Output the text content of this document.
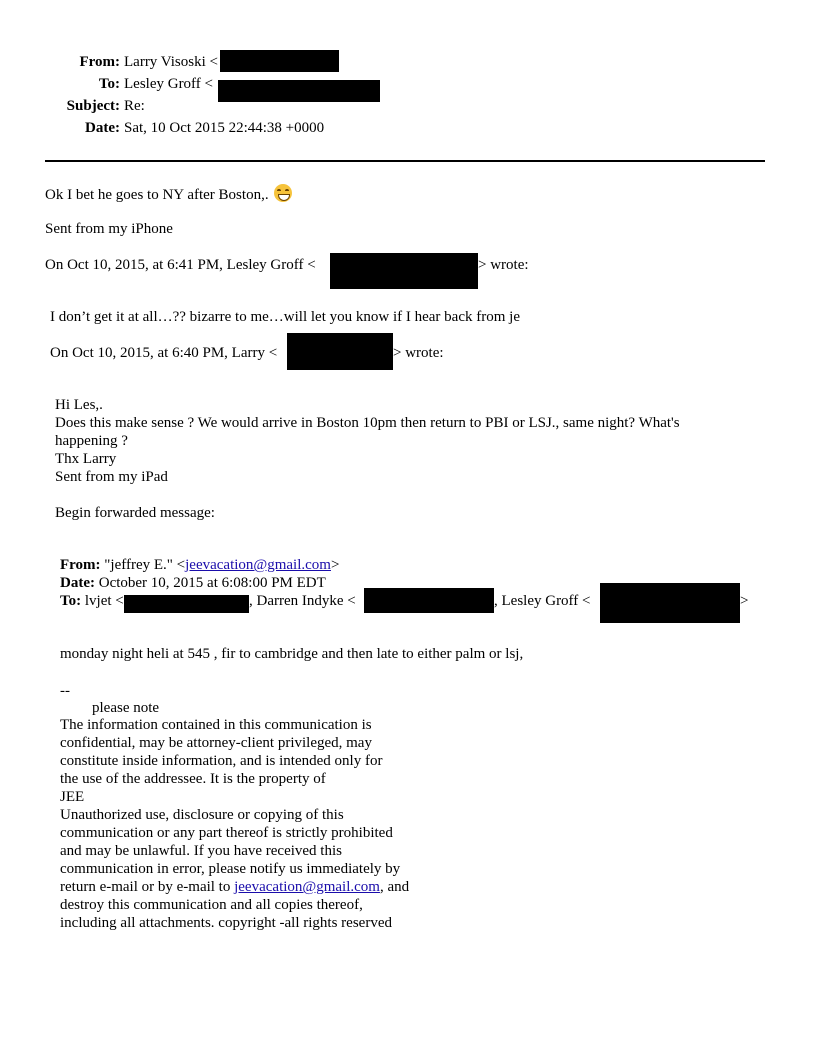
From: Larry Visoski <
To: Lesley Groff <
Subject: Re:
Date: Sat, 10 Oct 2015 22:44:38 +0000
Ok I bet he goes to NY after Boston,.
Sent from my iPhone
On Oct 10, 2015, at 6:41 PM, Lesley Groff <	> wrote:
I don’t get it at all…?? bizarre to me…will let you know if I hear back from je
On Oct 10, 2015, at 6:40 PM, Larry <	> wrote:
Hi Les,.
Does this make sense ? We would arrive in Boston 10pm then return to PBI or LSJ., same night? What's
happening ?
Thx Larry
Sent from my iPad
Begin forwarded message:
From: "jeffrey E." <jeevacation@gmail.com>
Date: October 10, 2015 at 6:08:00 PM EDT
To: lvjet <	, Darren Indyke <	, Lesley Groff <	>
monday night heli at 545 , fir to cambridge and then late to either palm or lsj,
--
please note
The information contained in this communication is
confidential, may be attorney-client privileged, may
constitute inside information, and is intended only for
the use of the addressee. It is the property of
JEE
Unauthorized use, disclosure or copying of this
communication or any part thereof is strictly prohibited
and may be unlawful. If you have received this
communication in error, please notify us immediately by
return e-mail or by e-mail to jeevacation@gmail.com, and
destroy this communication and all copies thereof,
including all attachments. copyright -all rights reserved
